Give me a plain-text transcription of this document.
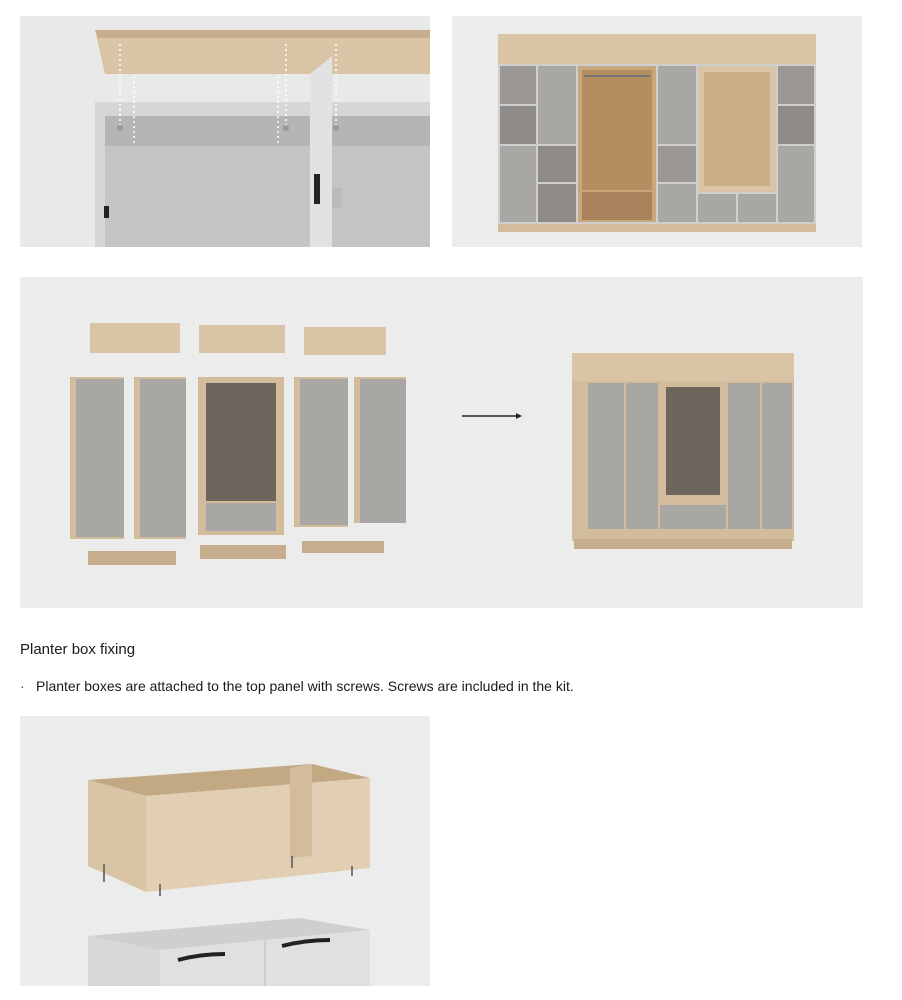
Planter box fixing
· Planter boxes are attached to the top panel with screws. Screws are included in the kit.
